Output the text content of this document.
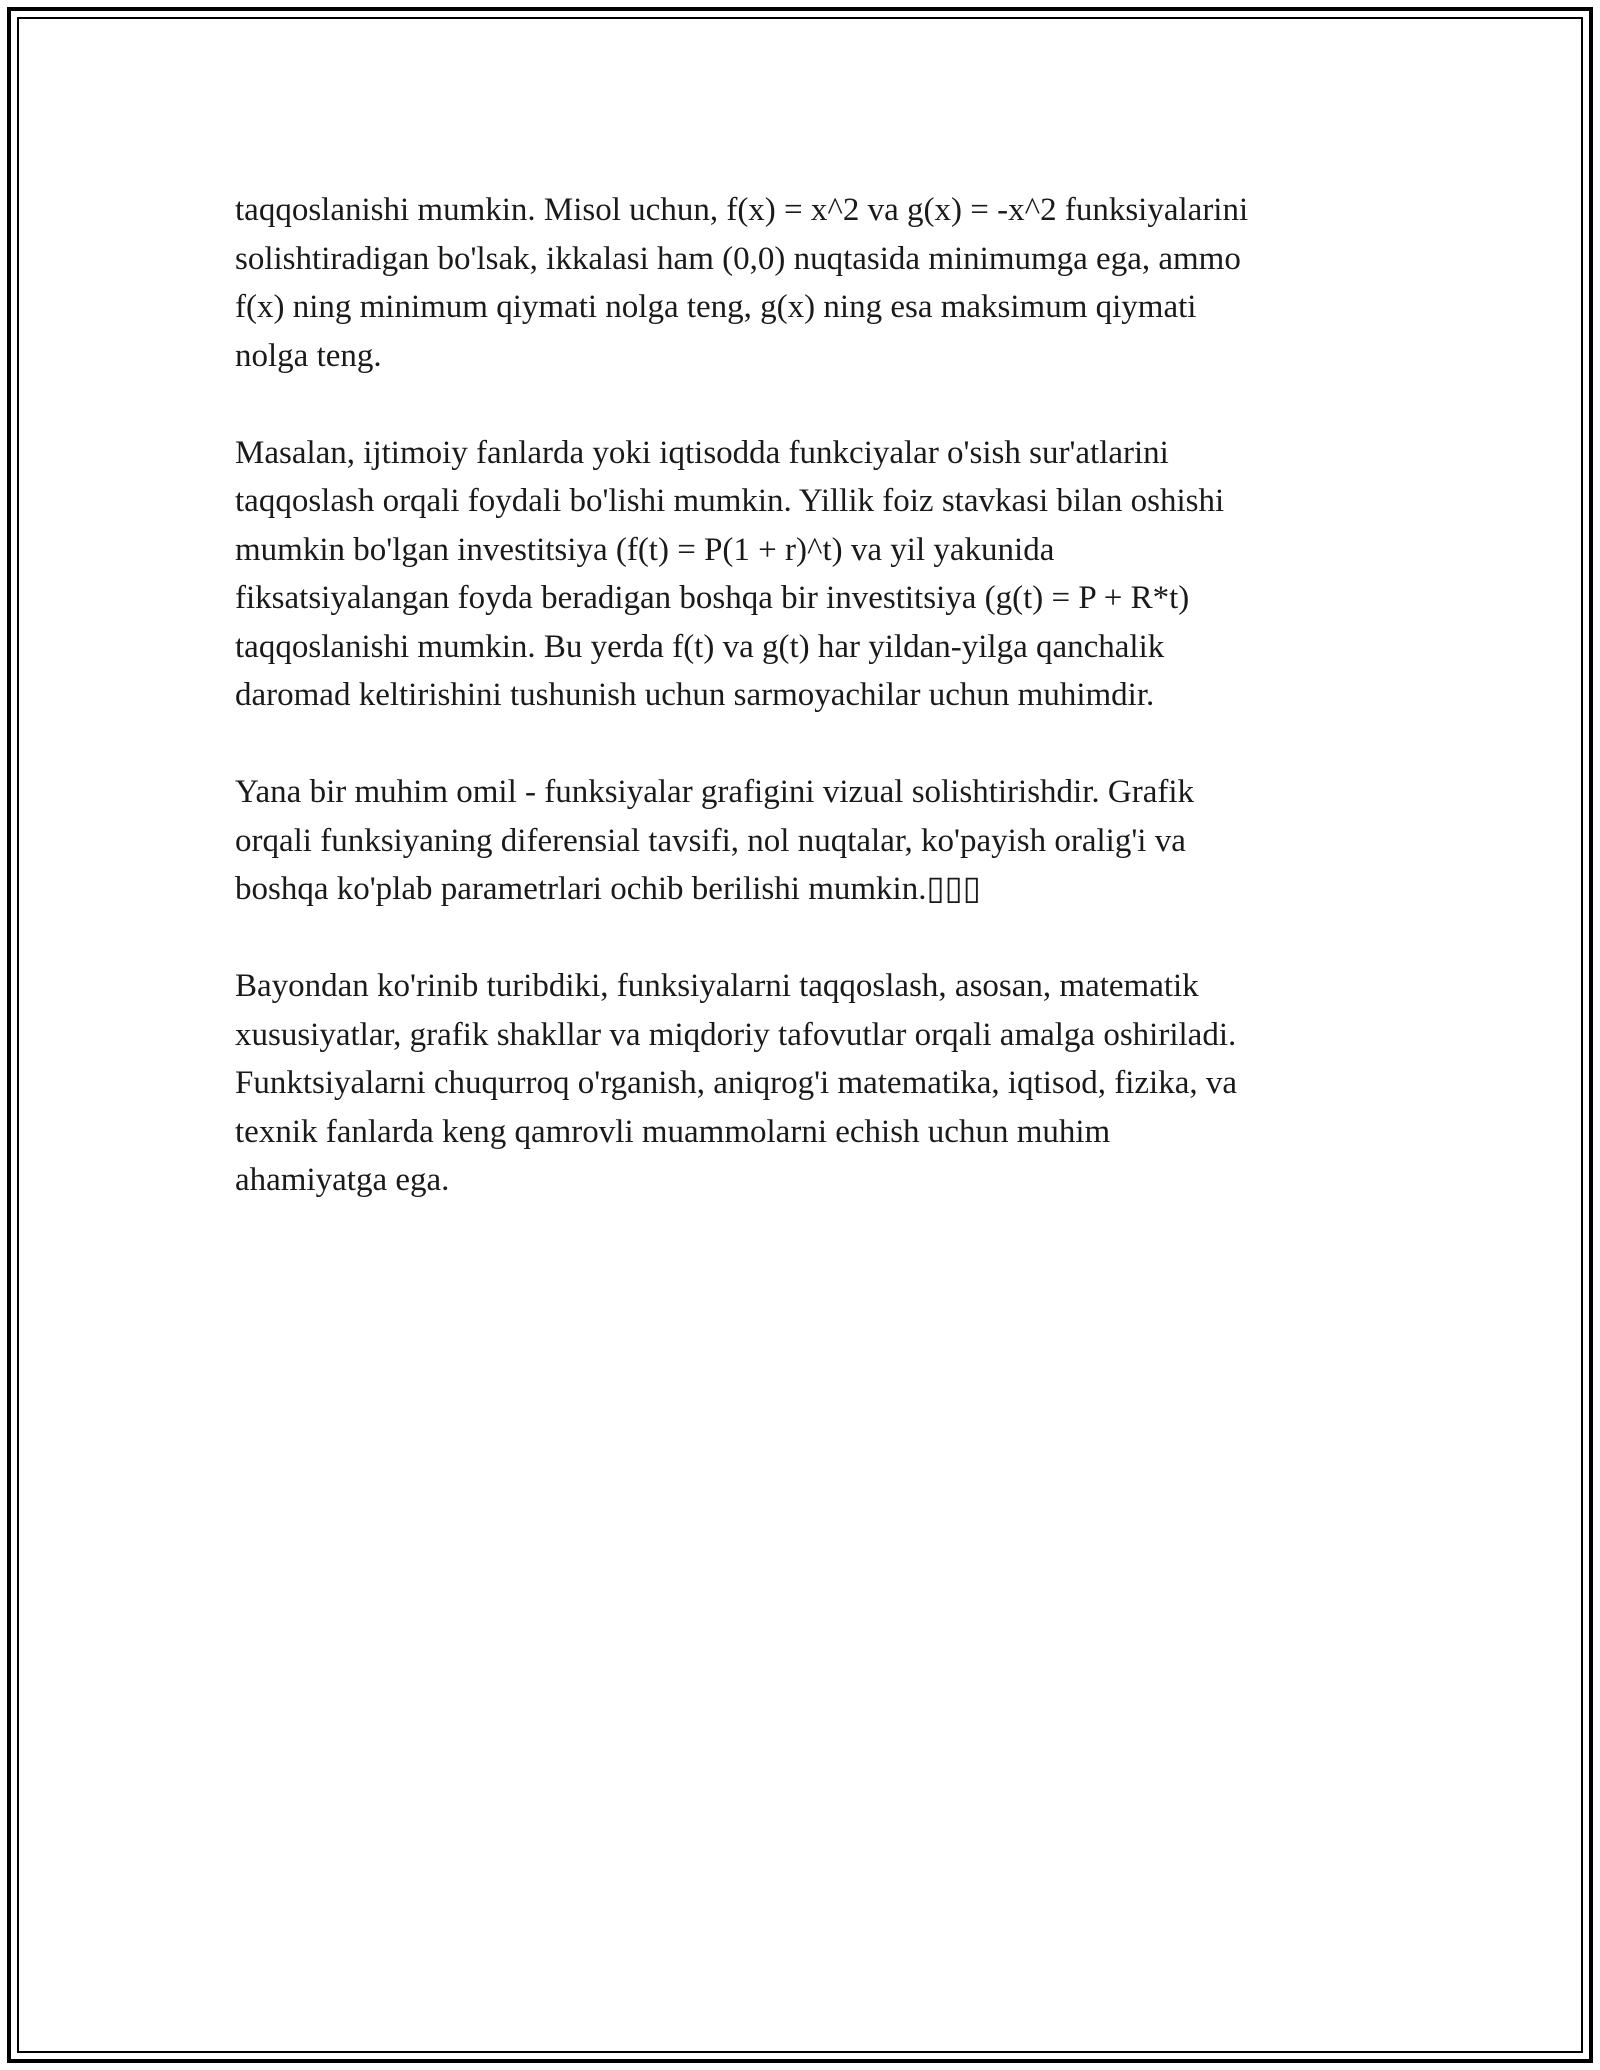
taqqoslanishi mumkin. Misol uchun, f(x) = x^2 va g(x) = -x^2 funksiyalarini
solishtiradigan bo'lsak, ikkalasi ham (0,0) nuqtasida minimumga ega, ammo
f(x) ning minimum qiymati nolga teng, g(x) ning esa maksimum qiymati
nolga teng.

Masalan, ijtimoiy fanlarda yoki iqtisodda funkciyalar o'sish sur'atlarini
taqqoslash orqali foydali bo'lishi mumkin. Yillik foiz stavkasi bilan oshishi
mumkin bo'lgan investitsiya (f(t) = P(1 + r)^t) va yil yakunida
fiksatsiyalangan foyda beradigan boshqa bir investitsiya (g(t) = P + R*t)
taqqoslanishi mumkin. Bu yerda f(t) va g(t) har yildan-yilga qanchalik
daromad keltirishini tushunish uchun sarmoyachilar uchun muhimdir.

Yana bir muhim omil - funksiyalar grafigini vizual solishtirishdir. Grafik
orqali funksiyaning diferensial tavsifi, nol nuqtalar, ko'payish oralig'i va
boshqa ko'plab parametrlari ochib berilishi mumkin.▯▯▯

Bayondan ko'rinib turibdiki, funksiyalarni taqqoslash, asosan, matematik
xususiyatlar, grafik shakllar va miqdoriy tafovutlar orqali amalga oshiriladi.
Funktsiyalarni chuqurroq o'rganish, aniqrog'i matematika, iqtisod, fizika, va
texnik fanlarda keng qamrovli muammolarni echish uchun muhim
ahamiyatga ega.
